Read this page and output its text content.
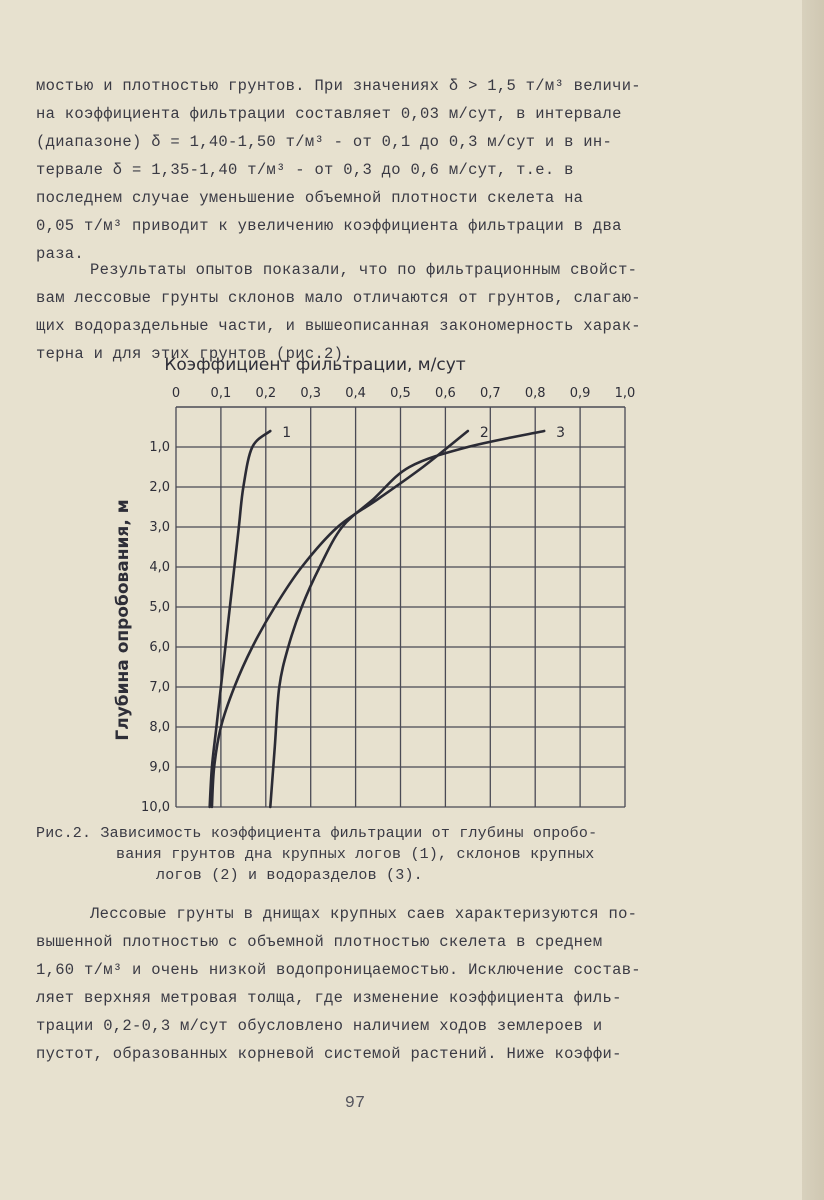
мостью и плотностью грунтов. При значениях δ > 1,5 т/м³ величи-
на коэффициента фильтрации составляет 0,03 м/сут, в интервале
(диапазоне) δ = 1,40-1,50 т/м³ - от 0,1 до 0,3 м/сут и в ин-
тервале δ = 1,35-1,40 т/м³ - от 0,3 до 0,6 м/сут, т.е. в
последнем случае уменьшение объемной плотности скелета на
0,05 т/м³ приводит к увеличению коэффициента фильтрации в два
раза.
Результаты опытов показали, что по фильтрационным свойст-
вам лессовые грунты склонов мало отличаются от грунтов, слагаю-
щих водораздельные части, и вышеописанная закономерность харак-
терна и для этих грунтов (рис.2).
Коэффициент фильтрации, м/сут
0 0,1 0,2 0,3 0,4 0,5 0,6 0,7 0,8 0,9 1,0
Глубина опробования, м
1,0
2,0
3,0
4,0
5,0
6,0
7,0
8,0
9,0
10,0
1	2	3
Рис.2. Зависимость коэффициента фильтрации от глубины опробо-
вания грунтов дна крупных логов (1), склонов крупных
логов (2) и водоразделов (3).
Лессовые грунты в днищах крупных саев характеризуются по-
вышенной плотностью с объемной плотностью скелета в среднем
1,60 т/м³ и очень низкой водопроницаемостью. Исключение состав-
ляет верхняя метровая толща, где изменение коэффициента филь-
трации 0,2-0,3 м/сут обусловлено наличием ходов землероев и
пустот, образованных корневой системой растений. Ниже коэффи-
97
